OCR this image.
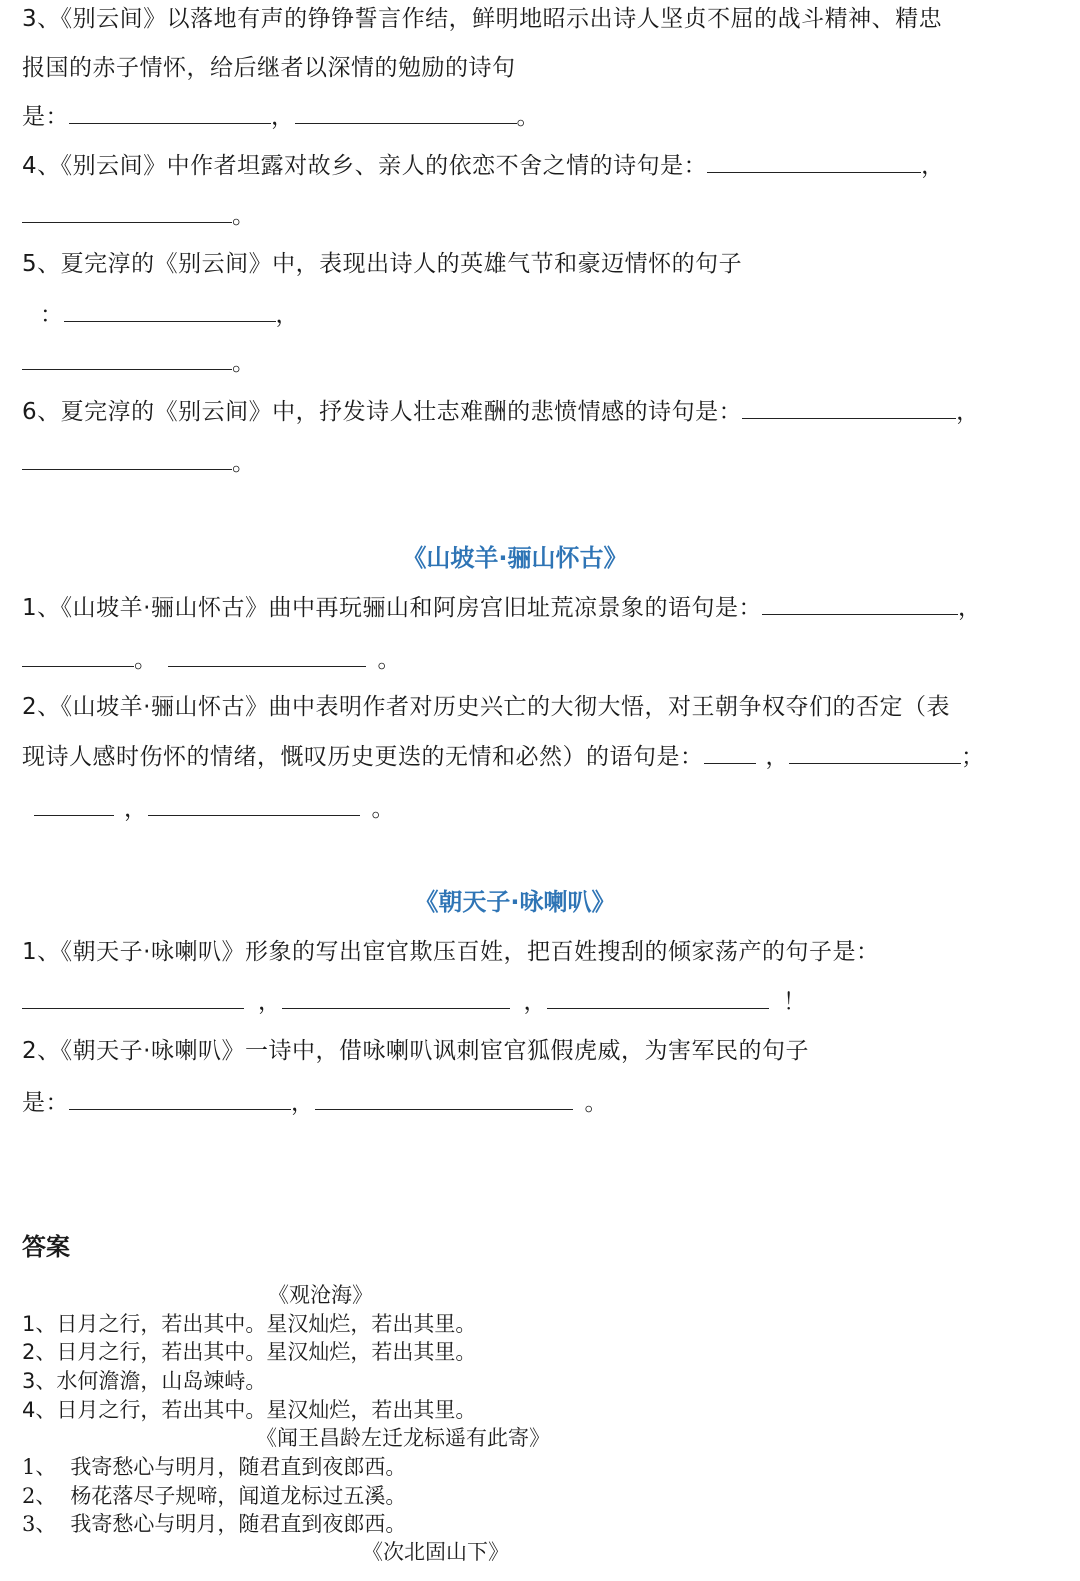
3、《别云间》以落地有声的铮铮誓言作结，鲜明地昭示出诗人坚贞不屈的战斗精神、精忠
报国的赤子情怀，给后继者以深情的勉励的诗句
是：	，	。
4、《别云间》中作者坦露对故乡、亲人的依恋不舍之情的诗句是：	，
。
5、夏完淳的《别云间》中，表现出诗人的英雄气节和豪迈情怀的句子
：	，
。
6、夏完淳的《别云间》中，抒发诗人壮志难酬的悲愤情感的诗句是：	，
。
《山坡羊·骊山怀古》
1、《山坡羊·骊山怀古》曲中再玩骊山和阿房宫旧址荒凉景象的语句是：	，
。	。
2、《山坡羊·骊山怀古》曲中表明作者对历史兴亡的大彻大悟，对王朝争权夺们的否定（表
现诗人感时伤怀的情绪，慨叹历史更迭的无情和必然）的语句是：	，	；
，	。
《朝天子·咏喇叭》
1、《朝天子·咏喇叭》形象的写出宦官欺压百姓，把百姓搜刮的倾家荡产的句子是：
，	，	！
2、《朝天子·咏喇叭》一诗中，借咏喇叭讽刺宦官狐假虎威，为害军民的句子
是：	，	。
答案
《观沧海》
1、日月之行，若出其中。星汉灿烂，若出其里。
2、日月之行，若出其中。星汉灿烂，若出其里。
3、水何澹澹，山岛竦峙。
4、日月之行，若出其中。星汉灿烂，若出其里。
《闻王昌龄左迁龙标遥有此寄》
1、 我寄愁心与明月，随君直到夜郎西。
2、 杨花落尽子规啼，闻道龙标过五溪。
3、 我寄愁心与明月，随君直到夜郎西。
《次北固山下》
